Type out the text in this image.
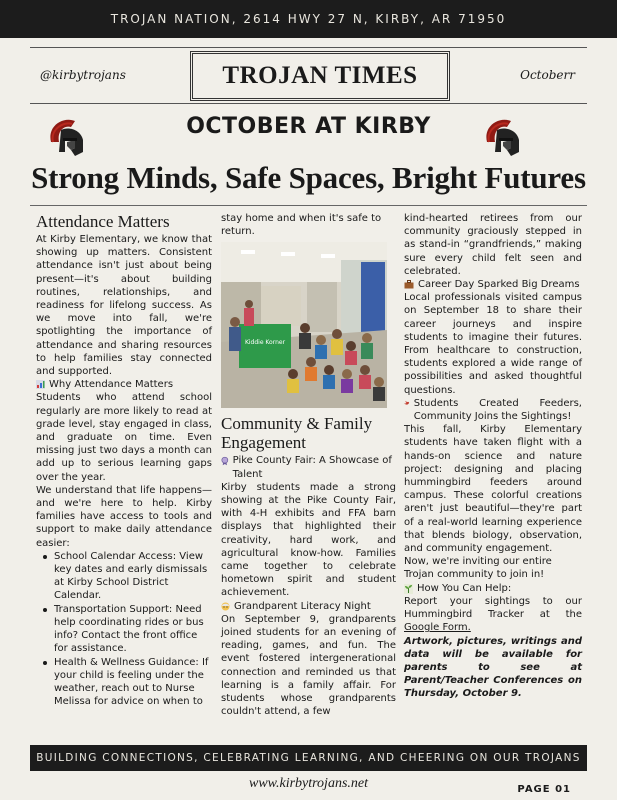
TROJAN NATION, 2614 HWY 27 N, KIRBY, AR 71950
@kirbytrojans	TROJAN TIMES	Octoberr
OCTOBER AT KIRBY
Strong Minds, Safe Spaces, Bright Futures
Attendance Matters

At Kirby Elementary, we know that showing up matters. Consistent attendance isn't just about being present—it's about building routines, relationships, and readiness for lifelong success. As we move into fall, we're spotlighting the importance of attendance and sharing resources to help families stay connected and supported.

Why Attendance Matters

Students who attend school regularly are more likely to read at grade level, stay engaged in class, and graduate on time. Even missing just two days a month can add up to serious learning gaps over the year.

We understand that life happens—and we're here to help. Kirby families have access to tools and support to make daily attendance easier:

School Calendar Access: View key dates and early dismissals at Kirby School District Calendar.
Transportation Support: Need help coordinating rides or bus info? Contact the front office for assistance.
Health & Wellness Guidance: If your child is feeling under the weather, reach out to Nurse Melissa for advice on when to

stay home and when it's safe to return.

Kiddie Korner
Community & Family Engagement
Pike County Fair: A Showcase of Talent

Kirby students made a strong showing at the Pike County Fair, with 4-H exhibits and FFA barn displays that highlighted their creativity, hard work, and agricultural know-how. Families came together to celebrate hometown spirit and student achievement.

Grandparent Literacy Night

On September 9, grandparents joined students for an evening of reading, games, and fun. The event fostered intergenerational connection and reminded us that learning is a family affair. For students whose grandparents couldn't attend, a few

kind-hearted retirees from our community graciously stepped in as stand-in “grandfriends,” making sure every child felt seen and celebrated.

Career Day Sparked Big Dreams

Local professionals visited campus on September 18 to share their career journeys and inspire students to imagine their futures. From healthcare to construction, students explored a wide range of possibilities and asked thoughtful questions.

Students Created Feeders, Community Joins the Sightings!

This fall, Kirby Elementary students have taken flight with a hands-on science and nature project: designing and placing hummingbird feeders around campus. These colorful creations aren't just beautiful—they're part of a real-world learning experience that blends biology, observation, and community engagement.

Now, we're inviting our entire Trojan community to join in!

How You Can Help:

Report your sightings to our Hummingbird Tracker at the Google Form.

Artwork, pictures, writings and data will be available for parents to see at Parent/Teacher Conferences on Thursday, October 9.

BUILDING CONNECTIONS, CELEBRATING LEARNING, AND CHEERING ON OUR TROJANS
www.kirbytrojans.net	PAGE 01
